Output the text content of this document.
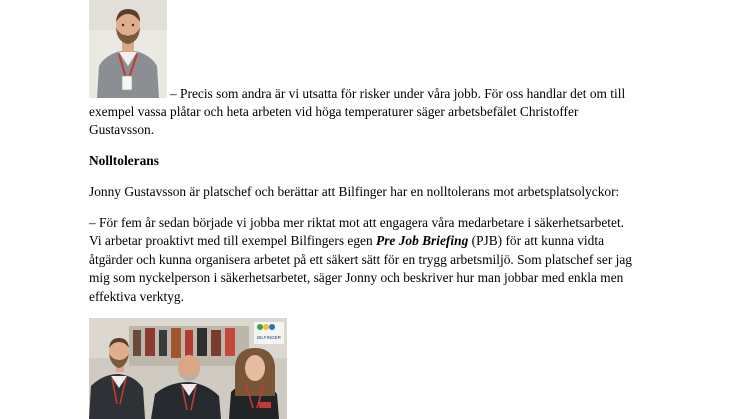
– Precis som andra är vi utsatta för risker under våra jobb. För oss handlar det om till
exempel vassa plåtar och heta arbeten vid höga temperaturer säger arbetsbefälet Christoffer
Gustavsson.
Nolltolerans
Jonny Gustavsson är platschef och berättar att Bilfinger har en nolltolerans mot arbetsplatsolyckor:
– För fem år sedan började vi jobba mer riktat mot att engagera våra medarbetare i säkerhetsarbetet.
Vi arbetar proaktivt med till exempel Bilfingers egen Pre Job Briefing (PJB) för att kunna vidta
åtgärder och kunna organisera arbetet på ett säkert sätt för en trygg arbetsmiljö. Som platschef ser jag
mig som nyckelperson i säkerhetsarbetet, säger Jonny och beskriver hur man jobbar med enkla men
effektiva verktyg.
BILFINGER
